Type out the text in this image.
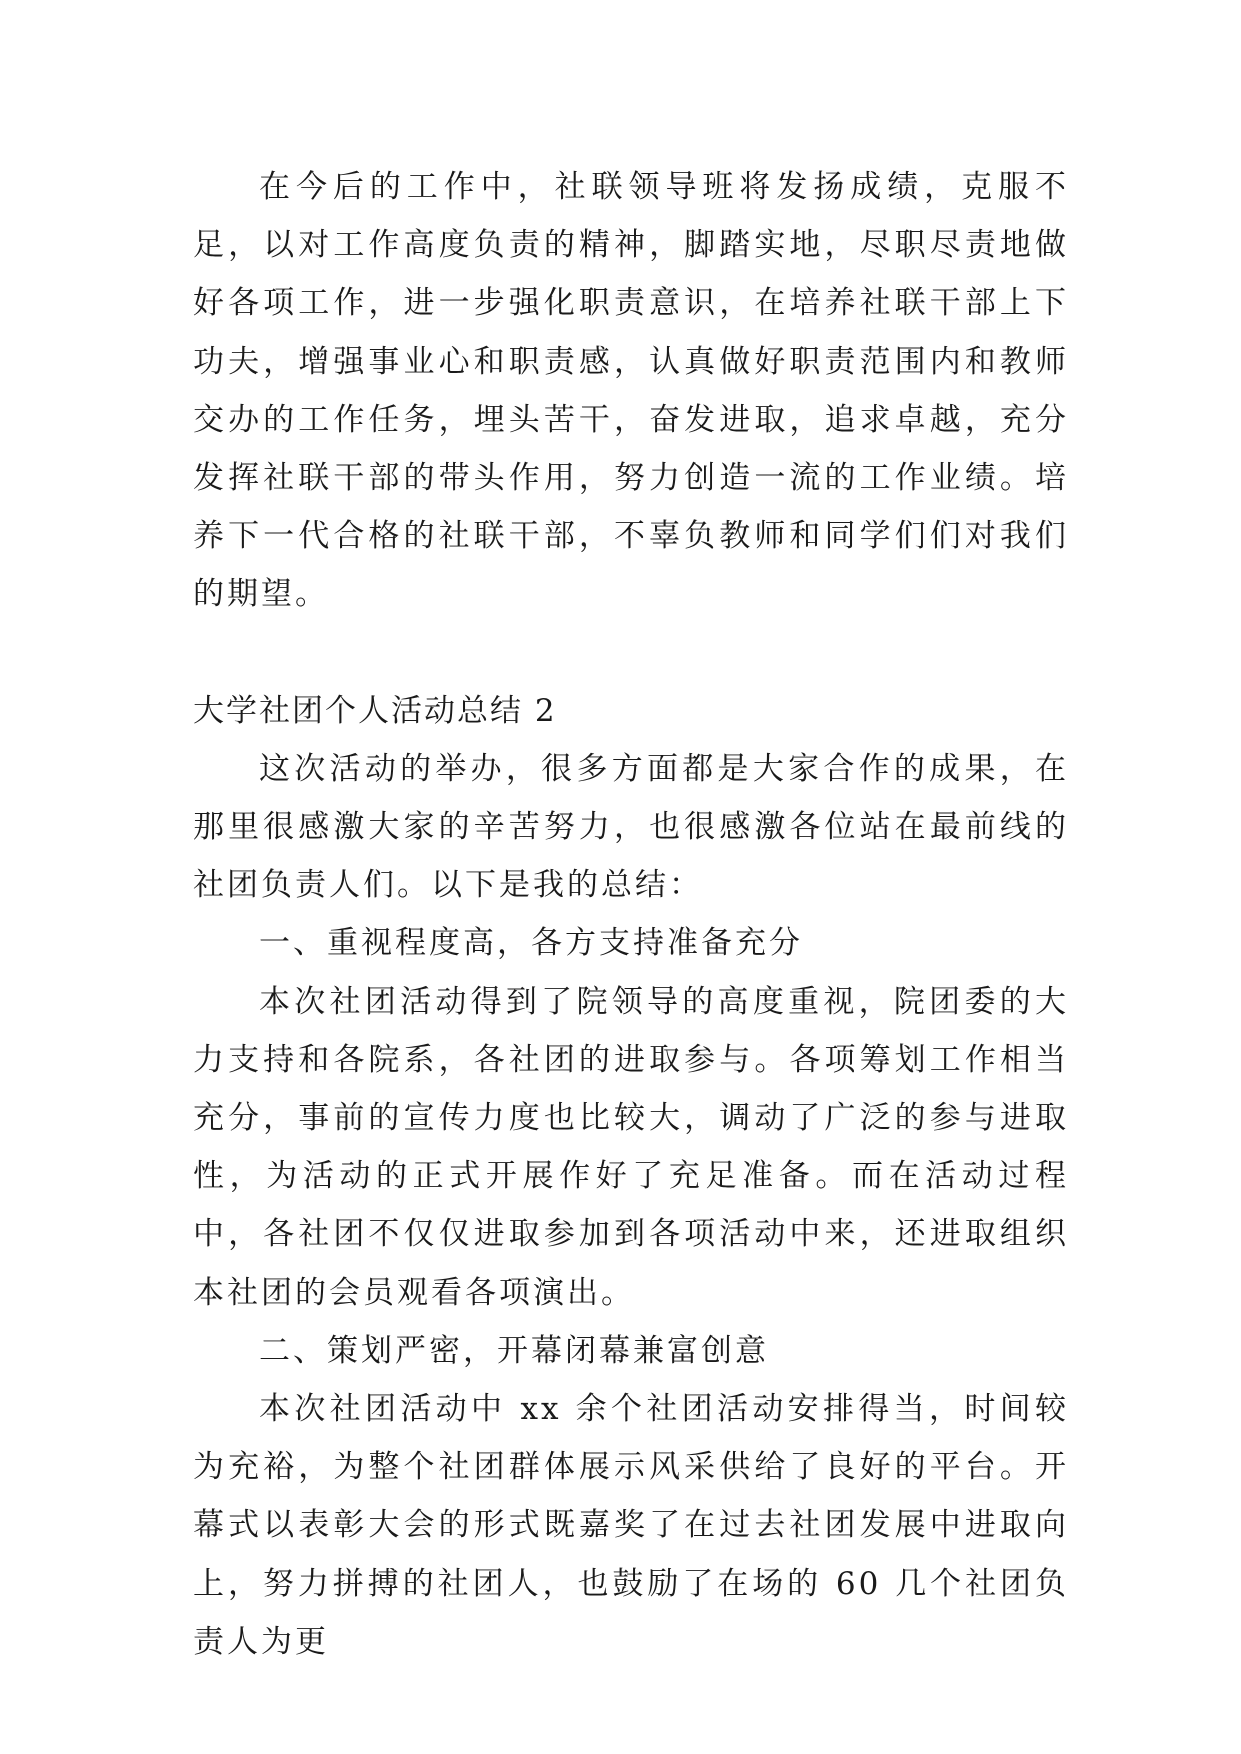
在今后的工作中，社联领导班将发扬成绩，克服不足，以对工作高度负责的精神，脚踏实地，尽职尽责地做好各项工作，进一步强化职责意识，在培养社联干部上下功夫，增强事业心和职责感，认真做好职责范围内和教师交办的工作任务，埋头苦干，奋发进取，追求卓越，充分发挥社联干部的带头作用，努力创造一流的工作业绩。培养下一代合格的社联干部，不辜负教师和同学们们对我们的期望。

大学社团个人活动总结 2

这次活动的举办，很多方面都是大家合作的成果，在那里很感激大家的辛苦努力，也很感激各位站在最前线的社团负责人们。以下是我的总结：

一、重视程度高，各方支持准备充分

本次社团活动得到了院领导的高度重视，院团委的大力支持和各院系，各社团的进取参与。各项筹划工作相当充分，事前的宣传力度也比较大，调动了广泛的参与进取性，为活动的正式开展作好了充足准备。而在活动过程中，各社团不仅仅进取参加到各项活动中来，还进取组织本社团的会员观看各项演出。

二、策划严密，开幕闭幕兼富创意

本次社团活动中 xx 余个社团活动安排得当，时间较为充裕，为整个社团群体展示风采供给了良好的平台。开幕式以表彰大会的形式既嘉奖了在过去社团发展中进取向上，努力拼搏的社团人，也鼓励了在场的 60 几个社团负责人为更
